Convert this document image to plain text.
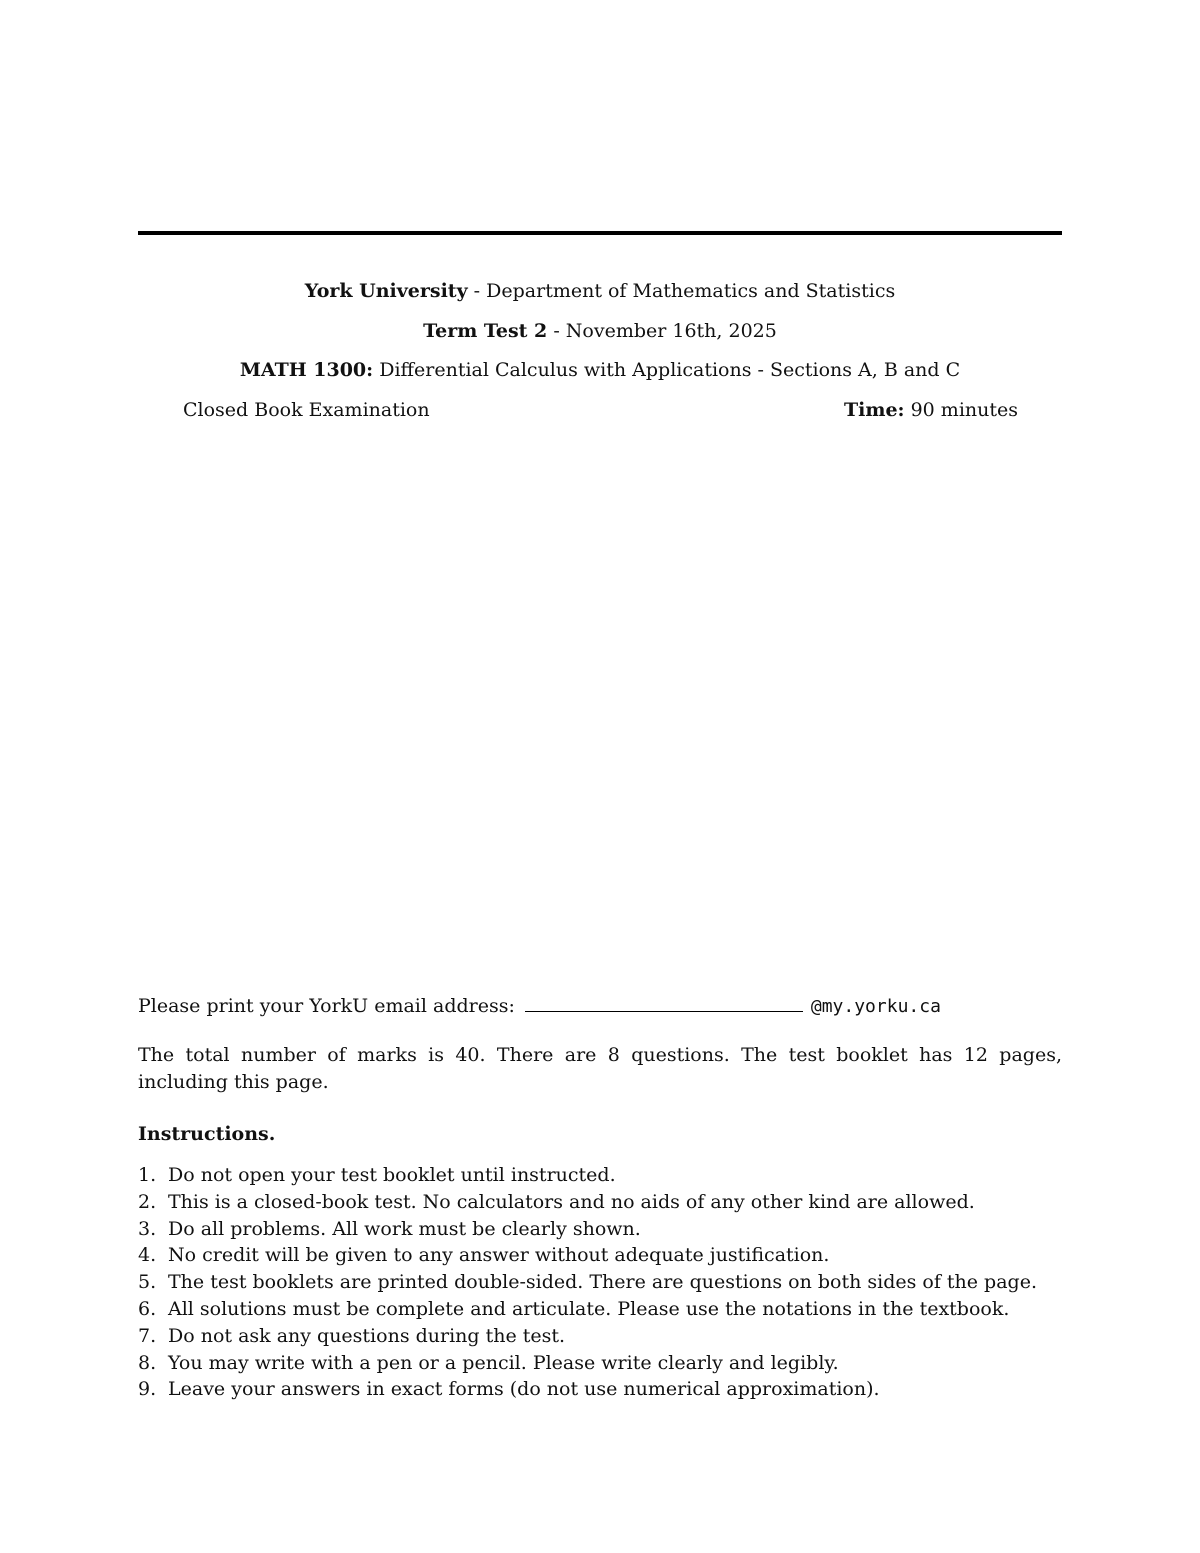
York University - Department of Mathematics and Statistics
Term Test 2 - November 16th, 2025
MATH 1300: Differential Calculus with Applications - Sections A, B and C
Closed Book Examination	Time: 90 minutes
Please print your YorkU email address:	@my.yorku.ca
The total number of marks is 40. There are 8 questions. The test booklet has 12 pages, including this page.
Instructions.
1. Do not open your test booklet until instructed.
2. This is a closed-book test. No calculators and no aids of any other kind are allowed.
3. Do all problems. All work must be clearly shown.
4. No credit will be given to any answer without adequate justification.
5. The test booklets are printed double-sided. There are questions on both sides of the page.
6. All solutions must be complete and articulate. Please use the notations in the textbook.
7. Do not ask any questions during the test.
8. You may write with a pen or a pencil. Please write clearly and legibly.
9. Leave your answers in exact forms (do not use numerical approximation).
